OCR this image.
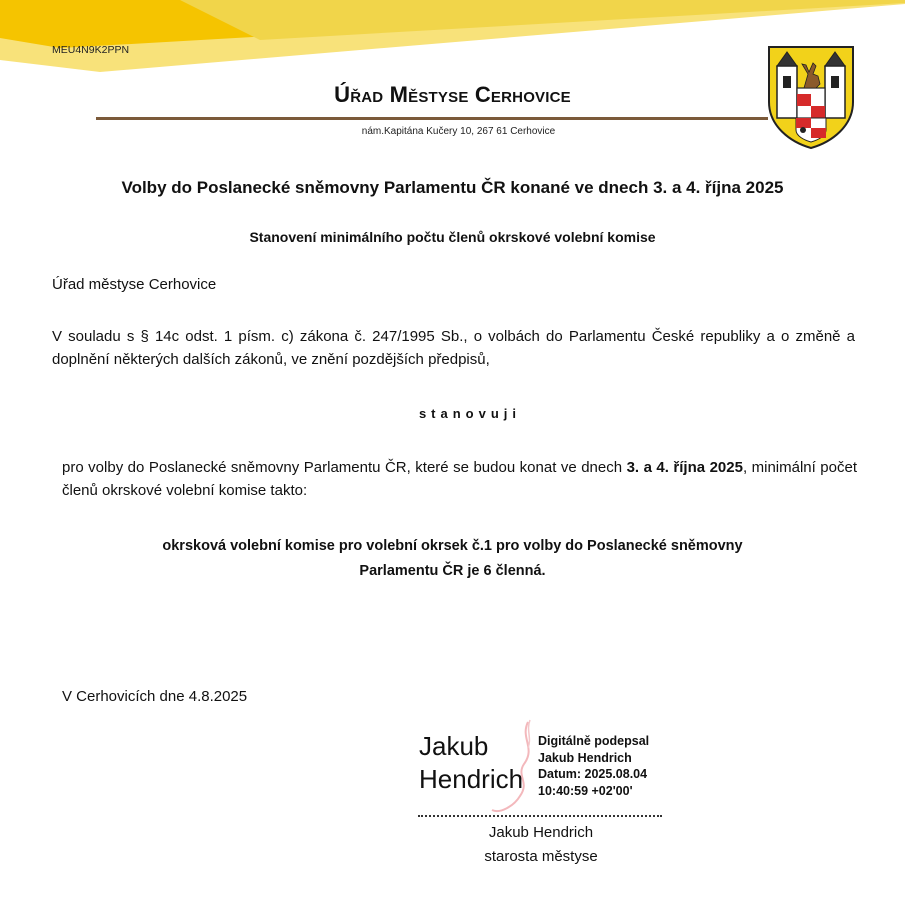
MEU4N9K2PPN
Úřad Městyse Cerhovice
nám.Kapitána Kučery 10, 267 61 Cerhovice
Volby do Poslanecké sněmovny Parlamentu ČR konané ve dnech 3. a 4. října 2025
Stanovení minimálního počtu členů okrskové volební komise
Úřad městyse Cerhovice
V souladu s § 14c odst. 1 písm. c) zákona č. 247/1995 Sb., o volbách do Parlamentu České republiky a o změně a doplnění některých dalších zákonů, ve znění pozdějších předpisů,
stanovuji
pro volby do Poslanecké sněmovny Parlamentu ČR, které se budou konat ve dnech 3. a 4. října 2025, minimální počet členů okrskové volební komise takto:
okrsková volební komise pro volební okrsek č.1 pro volby do Poslanecké sněmovny
Parlamentu ČR je 6 členná.
V Cerhovicích dne 4.8.2025
Jakub
Hendrich
Digitálně podepsal
Jakub Hendrich
Datum: 2025.08.04
10:40:59 +02'00'
Jakub Hendrich
starosta městyse
